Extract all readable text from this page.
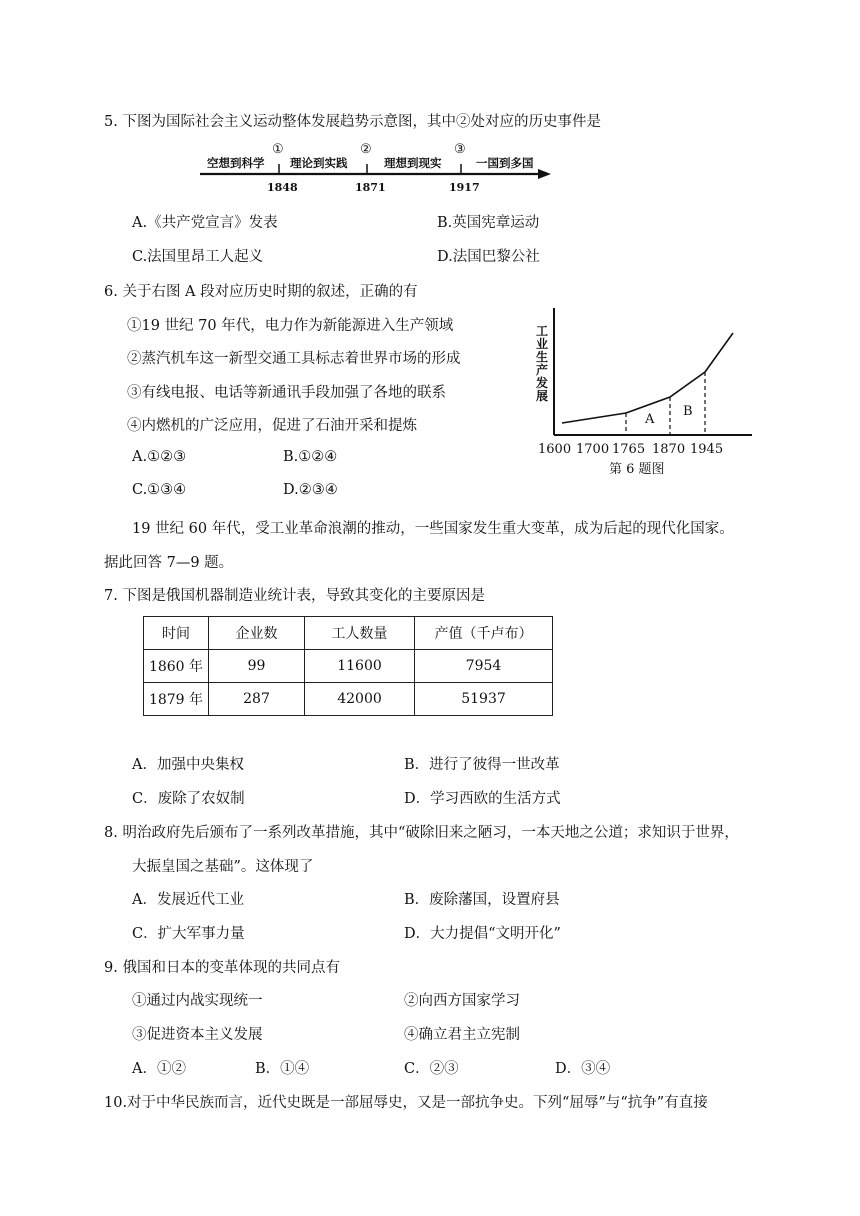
5. 下图为国际社会主义运动整体发展趋势示意图，其中②处对应的历史事件是
空想到科学 理论到实践	理想到现实	一国到多国
①	②	③
1848	1871	1917
A.《共产党宣言》发表	B.英国宪章运动
C.法国里昂工人起义	D.法国巴黎公社
6. 关于右图 A 段对应历史时期的叙述，正确的有
①19 世纪 70 年代，电力作为新能源进入生产领域
②蒸汽机车这一新型交通工具标志着世界市场的形成
③有线电报、电话等新通讯手段加强了各地的联系
④内燃机的广泛应用，促进了石油开采和提炼
A.①②③	B.①②④
C.①③④	D.②③④
工
业
生
产
发
展
A
B
1600 1700 1765 1870 1945
第 6 题图
19 世纪 60 年代，受工业革命浪潮的推动，一些国家发生重大变革，成为后起的现代化国家。
据此回答 7—9 题。
7. 下图是俄国机器制造业统计表，导致其变化的主要原因是
时间	企业数	工人数量	产值（千卢布）
1860 年	99	11600	7954
1879 年	287	42000	51937
A．加强中央集权	B．进行了彼得一世改革
C．废除了农奴制	D．学习西欧的生活方式
8. 明治政府先后颁布了一系列改革措施，其中“破除旧来之陋习，一本天地之公道；求知识于世界，
大振皇国之基础”。这体现了
A．发展近代工业	B．废除藩国，设置府县
C．扩大军事力量	D．大力提倡“文明开化”
9. 俄国和日本的变革体现的共同点有
①通过内战实现统一	②向西方国家学习
③促进资本主义发展	④确立君主立宪制
A．①②	B．①④	C．②③	D．③④
10.对于中华民族而言，近代史既是一部屈辱史，又是一部抗争史。下列“屈辱”与“抗争”有直接
